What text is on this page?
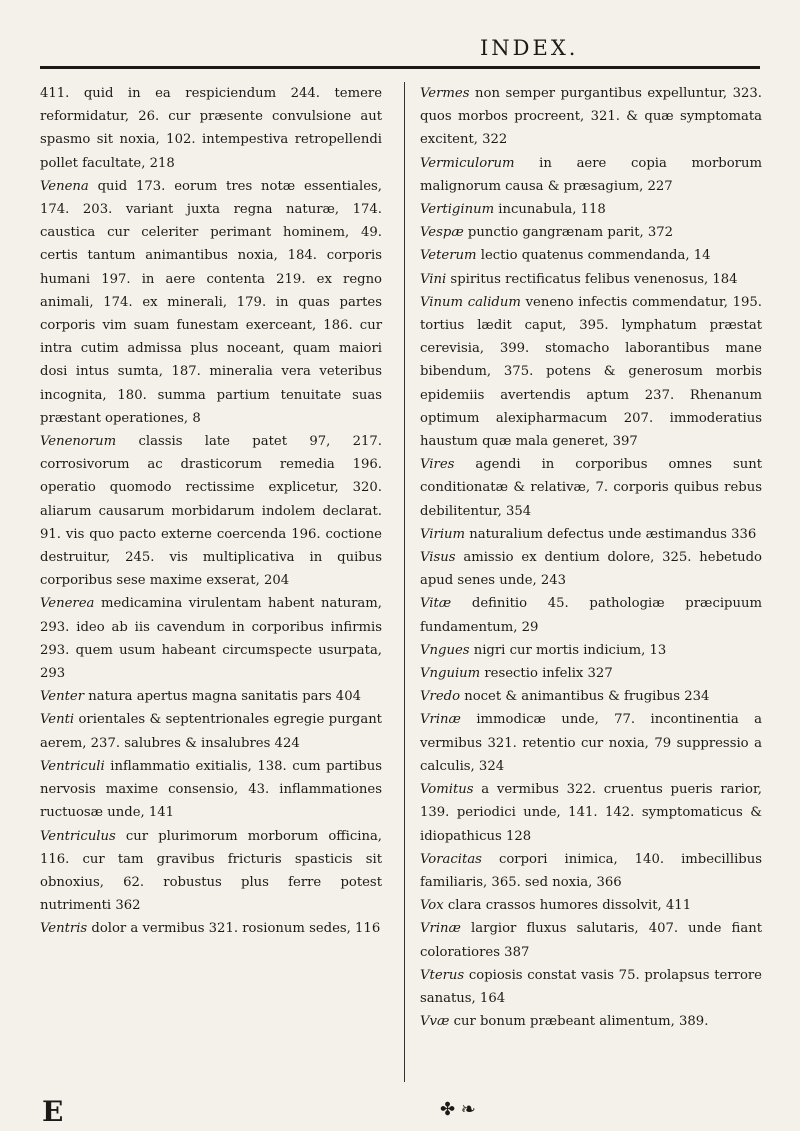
INDEX.

411. quid in ea respiciendum 244. temere reformidatur, 26. cur præsente convulsione aut spasmo sit noxia, 102. intempestiva retropellendi pollet facultate, 218

Venena quid 173. eorum tres notæ essentiales, 174. 203. variant juxta regna naturæ, 174. caustica cur celeriter perimant hominem, 49. certis tantum animantibus noxia, 184. corporis humani 197. in aere contenta 219. ex regno animali, 174. ex minerali, 179. in quas partes corporis vim suam funestam exerceant, 186. cur intra cutim admissa plus noceant, quam maiori dosi intus sumta, 187. mineralia vera veteribus incognita, 180. summa partium tenuitate suas præstant operationes, 8

Venenorum classis late patet 97, 217. corrosivorum ac drasticorum remedia 196. operatio quomodo rectissime explicetur, 320. aliarum causarum morbidarum indolem declarat. 91. vis quo pacto externe coercenda 196. coctione destruitur, 245. vis multiplicativa in quibus corporibus sese maxime exserat, 204

Venerea medicamina virulentam habent naturam, 293. ideo ab iis cavendum in corporibus infirmis 293. quem usum habeant circumspecte usurpata, 293

Venter natura apertus magna sanitatis pars 404

Venti orientales & septentrionales egregie purgant aerem, 237. salubres & insalubres 424

Ventriculi inflammatio exitialis, 138. cum partibus nervosis maxime consensio, 43. inflammationes ructuosæ unde, 141

Ventriculus cur plurimorum morborum officina, 116. cur tam gravibus fricturis spasticis sit obnoxius, 62. robustus plus ferre potest nutrimenti 362

Ventris dolor a vermibus 321. rosionum sedes, 116

Vermes non semper purgantibus expelluntur, 323. quos morbos procreent, 321. & quæ symptomata excitent, 322

Vermiculorum in aere copia morborum malignorum causa & præsagium, 227

Vertiginum incunabula, 118

Vespæ punctio gangrænam parit, 372

Veterum lectio quatenus commendanda, 14

Vini spiritus rectificatus felibus venenosus, 184

Vinum calidum veneno infectis commendatur, 195. tortius lædit caput, 395. lymphatum præstat cerevisia, 399. stomacho laborantibus mane bibendum, 375. potens & generosum morbis epidemiis avertendis aptum 237. Rhenanum optimum alexipharmacum 207. immoderatius haustum quæ mala generet, 397

Vires agendi in corporibus omnes sunt conditionatæ & relativæ, 7. corporis quibus rebus debilitentur, 354

Virium naturalium defectus unde æstimandus 336

Visus amissio ex dentium dolore, 325. hebetudo apud senes unde, 243

Vitæ definitio 45. pathologiæ præcipuum fundamentum, 29

Vngues nigri cur mortis indicium, 13

Vnguium resectio infelix 327

Vredo nocet & animantibus & frugibus 234

Vrinæ immodicæ unde, 77. incontinentia a vermibus 321. retentio cur noxia, 79 suppressio a calculis, 324

Vomitus a vermibus 322. cruentus pueris rarior, 139. periodici unde, 141. 142. symptomaticus & idiopathicus 128

Voracitas corpori inimica, 140. imbecillibus familiaris, 365. sed noxia, 366

Vox clara crassos humores dissolvit, 411

Vrinæ largior fluxus salutaris, 407. unde fiant coloratiores 387

Vterus copiosis constat vasis 75. prolapsus terrore sanatus, 164

Vvæ cur bonum præbeant alimentum, 389.

E	✤ ❧
